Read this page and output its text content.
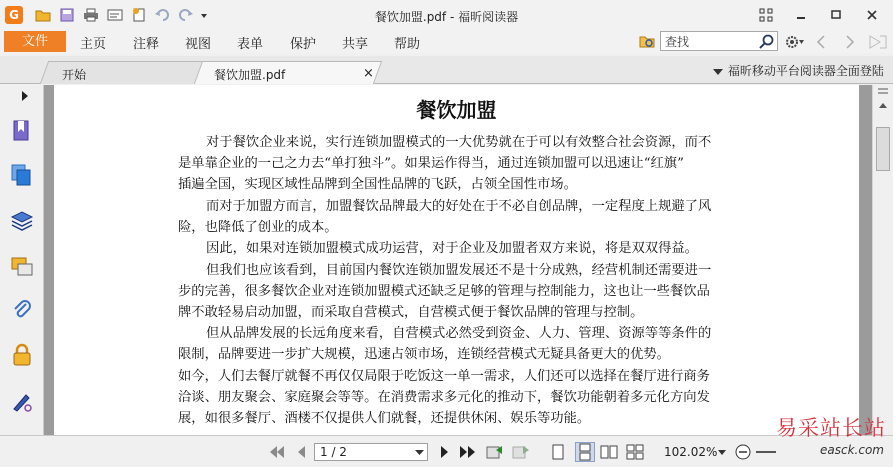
G	餐饮加盟.pdf - 福昕阅读器
文件	主页 注释 视图 表单 保护 共享 帮助
查找
开始	餐饮加盟.pdf	×	福昕移动平台阅读器全面登陆
餐饮加盟
对于餐饮企业来说，实行连锁加盟模式的一大优势就在于可以有效整合社会资源，而不
是单靠企业的一己之力去“单打独斗”。如果运作得当，通过连锁加盟可以迅速让“红旗”
插遍全国，实现区域性品牌到全国性品牌的飞跃，占领全国性市场。
而对于加盟方而言，加盟餐饮品牌最大的好处在于不必自创品牌，一定程度上规避了风
险，也降低了创业的成本。
因此，如果对连锁加盟模式成功运营，对于企业及加盟者双方来说，将是双双得益。
但我们也应该看到，目前国内餐饮连锁加盟发展还不是十分成熟，经营机制还需要进一
步的完善，很多餐饮企业对连锁加盟模式还缺乏足够的管理与控制能力，这也让一些餐饮品
牌不敢轻易启动加盟，而采取自营模式，自营模式便于餐饮品牌的管理与控制。
但从品牌发展的长远角度来看，自营模式必然受到资金、人力、管理、资源等等条件的
限制，品牌要进一步扩大规模，迅速占领市场，连锁经营模式无疑具备更大的优势。
如今，人们去餐厅就餐不再仅仅局限于吃饭这一单一需求，人们还可以选择在餐厅进行商务
洽谈、朋友聚会、家庭聚会等等。在消费需求多元化的推动下，餐饮功能朝着多元化方向发
展，如很多餐厅、酒楼不仅提供人们就餐，还提供休闲、娱乐等功能。
1 / 2	102.02%
易采站长站
easck.com
